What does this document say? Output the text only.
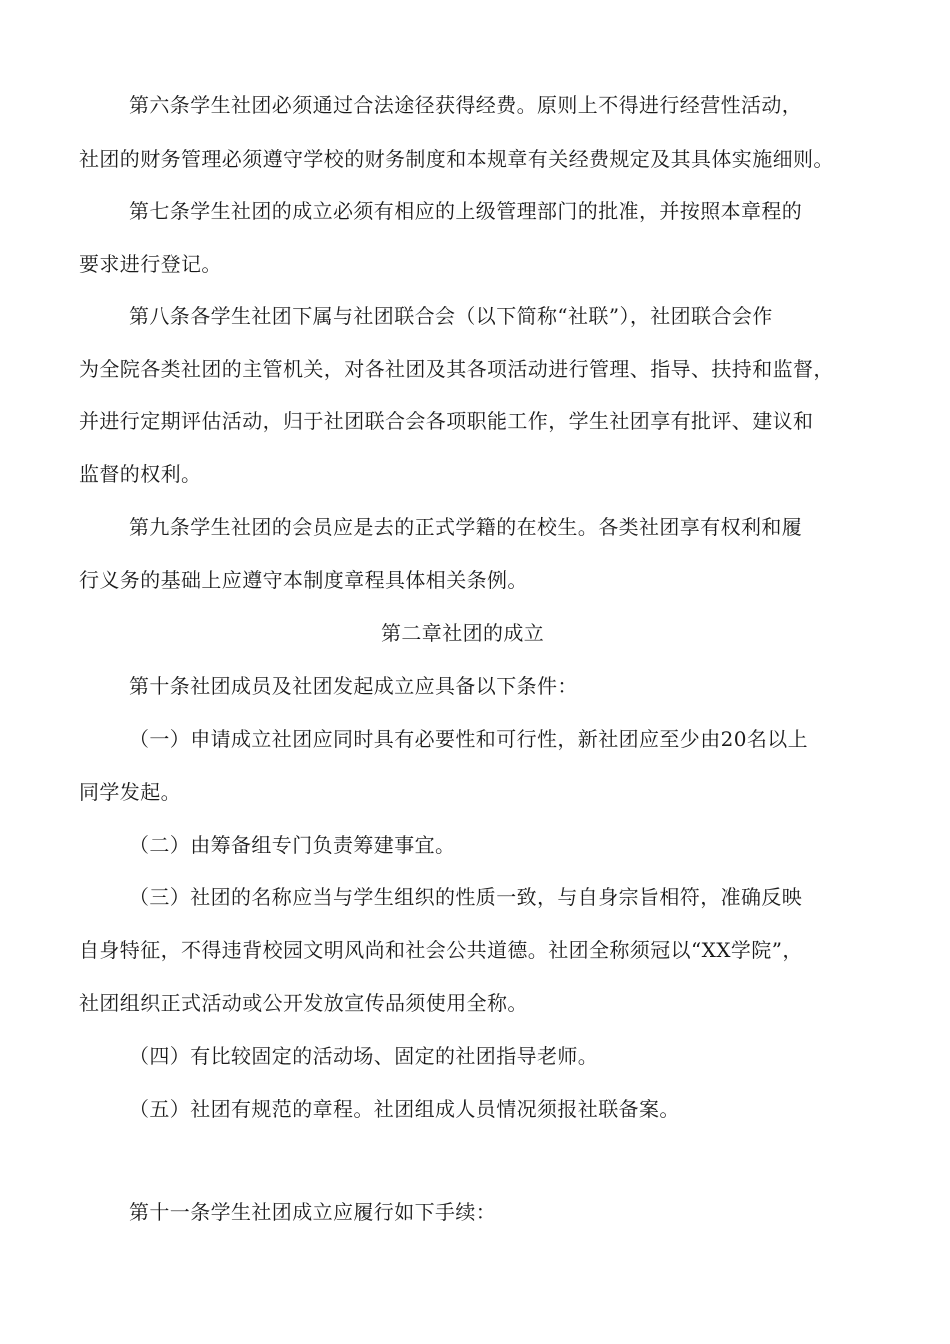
第六条学生社团必须通过合法途径获得经费。原则上不得进行经营性活动，
社团的财务管理必须遵守学校的财务制度和本规章有关经费规定及其具体实施细则。
第七条学生社团的成立必须有相应的上级管理部门的批准，并按照本章程的
要求进行登记。
第八条各学生社团下属与社团联合会（以下简称“社联”），社团联合会作
为全院各类社团的主管机关，对各社团及其各项活动进行管理、指导、扶持和监督，
并进行定期评估活动，归于社团联合会各项职能工作，学生社团享有批评、建议和
监督的权利。
第九条学生社团的会员应是去的正式学籍的在校生。各类社团享有权利和履
行义务的基础上应遵守本制度章程具体相关条例。
第二章社团的成立
第十条社团成员及社团发起成立应具备以下条件：
（一）申请成立社团应同时具有必要性和可行性，新社团应至少由20名以上
同学发起。
（二）由筹备组专门负责筹建事宜。
（三）社团的名称应当与学生组织的性质一致，与自身宗旨相符，准确反映
自身特征，不得违背校园文明风尚和社会公共道德。社团全称须冠以“XX学院”，
社团组织正式活动或公开发放宣传品须使用全称。
（四）有比较固定的活动场、固定的社团指导老师。
（五）社团有规范的章程。社团组成人员情况须报社联备案。
第十一条学生社团成立应履行如下手续：
